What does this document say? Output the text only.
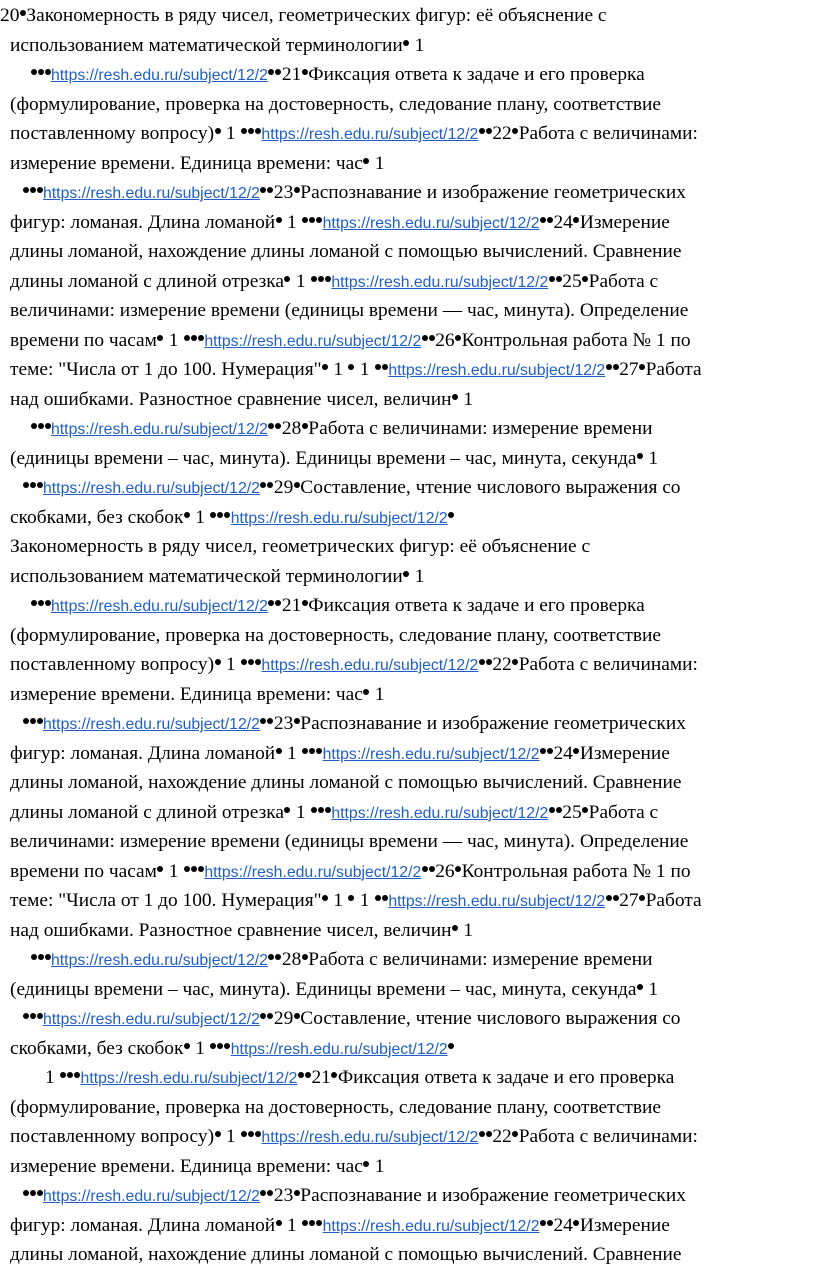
20 Закономерность в ряду чисел, геометрических фигур: её объяснение с
использованием математической терминологии 1
https://resh.edu.ru/subject/12/2 21 Фиксация ответа к задаче и его проверка
(формулирование, проверка на достоверность, следование плану, соответствие
поставленному вопросу) 1 https://resh.edu.ru/subject/12/2 22 Работа с величинами:
измерение времени. Единица времени: час 1
https://resh.edu.ru/subject/12/2 23 Распознавание и изображение геометрических
фигур: ломаная. Длина ломаной 1 https://resh.edu.ru/subject/12/2 24 Измерение
длины ломаной, нахождение длины ломаной с помощью вычислений. Сравнение
длины ломаной с длиной отрезка 1 https://resh.edu.ru/subject/12/2 25 Работа с
величинами: измерение времени (единицы времени — час, минута). Определение
времени по часам 1 https://resh.edu.ru/subject/12/2 26 Контрольная работа № 1 по
теме: "Числа от 1 до 100. Нумерация" 1  1 https://resh.edu.ru/subject/12/2 27 Работа
над ошибками. Разностное сравнение чисел, величин 1
https://resh.edu.ru/subject/12/2 28 Работа с величинами: измерение времени
(единицы времени – час, минута). Единицы времени – час, минута, секунда 1
https://resh.edu.ru/subject/12/2 29 Составление, чтение числового выражения со
скобками, без скобок 1 https://resh.edu.ru/subject/12/2
Закономерность в ряду чисел, геометрических фигур: её объяснение с
использованием математической терминологии 1
https://resh.edu.ru/subject/12/2 21 Фиксация ответа к задаче и его проверка
(формулирование, проверка на достоверность, следование плану, соответствие
поставленному вопросу) 1 https://resh.edu.ru/subject/12/2 22 Работа с величинами:
измерение времени. Единица времени: час 1
https://resh.edu.ru/subject/12/2 23 Распознавание и изображение геометрических
фигур: ломаная. Длина ломаной 1 https://resh.edu.ru/subject/12/2 24 Измерение
длины ломаной, нахождение длины ломаной с помощью вычислений. Сравнение
длины ломаной с длиной отрезка 1 https://resh.edu.ru/subject/12/2 25 Работа с
величинами: измерение времени (единицы времени — час, минута). Определение
времени по часам 1 https://resh.edu.ru/subject/12/2 26 Контрольная работа № 1 по
теме: "Числа от 1 до 100. Нумерация" 1  1 https://resh.edu.ru/subject/12/2 27 Работа
над ошибками. Разностное сравнение чисел, величин 1
https://resh.edu.ru/subject/12/2 28 Работа с величинами: измерение времени
(единицы времени – час, минута). Единицы времени – час, минута, секунда 1
https://resh.edu.ru/subject/12/2 29 Составление, чтение числового выражения со
скобками, без скобок 1 https://resh.edu.ru/subject/12/2
1 https://resh.edu.ru/subject/12/2 21 Фиксация ответа к задаче и его проверка
(формулирование, проверка на достоверность, следование плану, соответствие
поставленному вопросу) 1 https://resh.edu.ru/subject/12/2 22 Работа с величинами:
измерение времени. Единица времени: час 1
https://resh.edu.ru/subject/12/2 23 Распознавание и изображение геометрических
фигур: ломаная. Длина ломаной 1 https://resh.edu.ru/subject/12/2 24 Измерение
длины ломаной, нахождение длины ломаной с помощью вычислений. Сравнение
